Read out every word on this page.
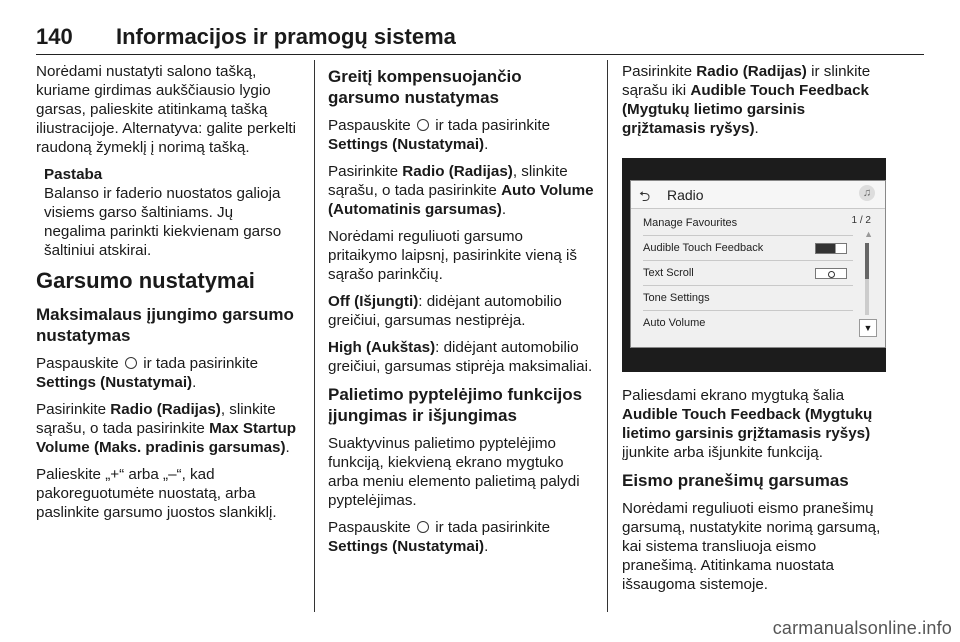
140 Informacijos ir pramogų sistema

Norėdami nustatyti salono tašką, kuriame girdimas aukščiausio lygio garsas, palieskite atitinkamą tašką iliustracijoje. Alternatyva: galite perkelti raudoną žymeklį į norimą tašką.

Pastaba
Balanso ir faderio nuostatos galioja visiems garso šaltiniams. Jų negalima parinkti kiekvienam garso šaltiniui atskirai.
Garsumo nustatymai
Maksimalaus įjungimo garsumo nustatymas

Paspauskite ir tada pasirinkite Settings (Nustatymai).

Pasirinkite Radio (Radijas), slinkite sąrašu, o tada pasirinkite Max Startup Volume (Maks. pradinis garsumas).

Palieskite „+“ arba „–“, kad pakoreguotumėte nuostatą, arba paslinkite garsumo juostos slankiklį.

Greitį kompensuojančio garsumo nustatymas

Paspauskite ir tada pasirinkite Settings (Nustatymai).

Pasirinkite Radio (Radijas), slinkite sąrašu, o tada pasirinkite Auto Volume (Automatinis garsumas).

Norėdami reguliuoti garsumo pritaikymo laipsnį, pasirinkite vieną iš sąrašo parinkčių.

Off (Išjungti): didėjant automobilio greičiui, garsumas nestiprėja.

High (Aukštas): didėjant automobilio greičiui, garsumas stiprėja maksimaliai.

Palietimo pyptelėjimo funkcijos įjungimas ir išjungimas

Suaktyvinus palietimo pyptelėjimo funkciją, kiekvieną ekrano mygtuko arba meniu elemento palietimą palydi pyptelėjimas.

Paspauskite ir tada pasirinkite Settings (Nustatymai).

Pasirinkite Radio (Radijas) ir slinkite sąrašu iki Audible Touch Feedback (Mygtukų lietimo garsinis grįžtamasis ryšys).

⮌ Radio	♫
Manage Favourites
Audible Touch Feedback
Text Scroll
Tone Settings
Auto Volume
1 / 2
▲
▼

Paliesdami ekrano mygtuką šalia Audible Touch Feedback (Mygtukų lietimo garsinis grįžtamasis ryšys) įjunkite arba išjunkite funkciją.

Eismo pranešimų garsumas

Norėdami reguliuoti eismo pranešimų garsumą, nustatykite norimą garsumą, kai sistema transliuoja eismo pranešimą. Atitinkama nuostata išsaugoma sistemoje.

carmanualsonline.info
